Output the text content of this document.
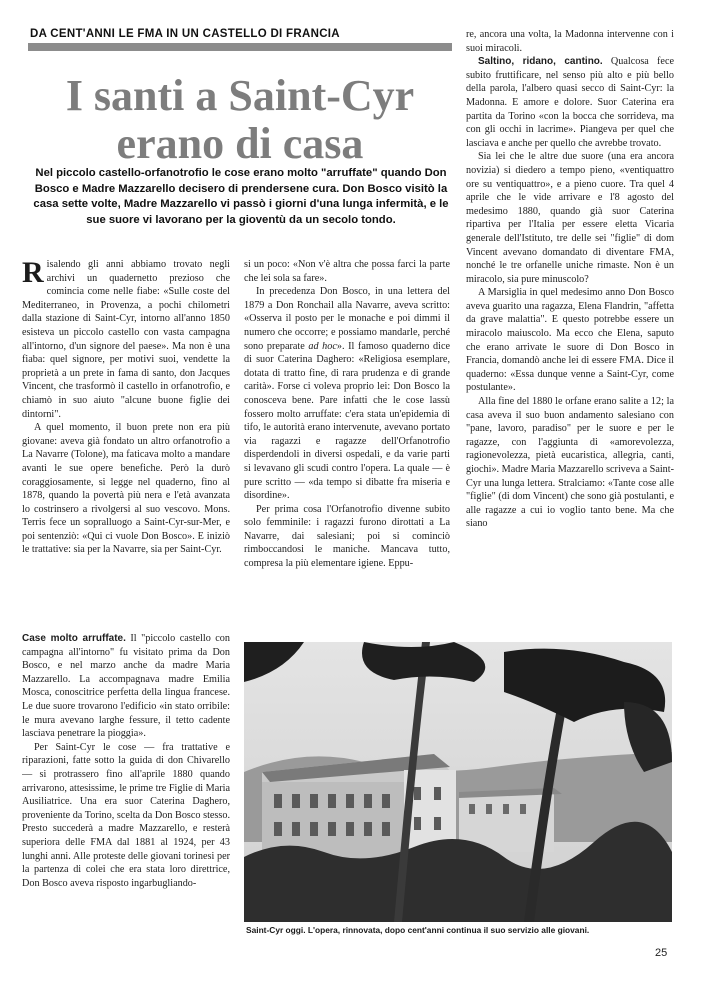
DA CENT'ANNI LE FMA IN UN CASTELLO DI FRANCIA
I santi a Saint-Cyr
erano di casa
Nel piccolo castello-orfanotrofio le cose erano molto "arruffate" quando Don Bosco e Madre Mazzarello decisero di prendersene cura. Don Bosco visitò la casa sette volte, Madre Mazzarello vi passò i giorni d'una lunga infermità, e le sue suore vi lavorano per la gioventù da un secolo tondo.

Risalendo gli anni abbiamo trovato negli archivi un quadernetto prezioso che comincia come nelle fiabe: «Sulle coste del Mediterraneo, in Provenza, a pochi chilometri dalla stazione di Saint-Cyr, intorno all'anno 1850 esisteva un piccolo castello con vasta campagna all'intorno, d'un signore del paese». Ma non è una fiaba: quel signore, per motivi suoi, vendette la proprietà a un prete in fama di santo, don Jacques Vincent, che trasformò il castello in orfanotrofio, e chiamò in suo aiuto "alcune buone figlie dei dintorni".

A quel momento, il buon prete non era più giovane: aveva già fondato un altro orfanotrofio a La Navarre (Tolone), ma faticava molto a mandare avanti le sue opere benefiche. Però la durò coraggiosamente, si legge nel quaderno, fino al 1878, quando la povertà più nera e l'età avanzata lo costrinsero a rivolgersi al suo vescovo. Mons. Terris fece un sopralluogo a Saint-Cyr-sur-Mer, e poi sentenziò: «Qui ci vuole Don Bosco». E iniziò le trattative: sia per la Navarre, sia per Saint-Cyr.

Case molto arruffate. Il "piccolo castello con campagna all'intorno" fu visitato prima da Don Bosco, e nel marzo anche da madre Maria Mazzarello. La accompagnava madre Emilia Mosca, conoscitrice perfetta della lingua francese. Le due suore trovarono l'edificio «in stato orribile: le mura avevano larghe fessure, il tetto cadente lasciava penetrare la pioggia».

Per Saint-Cyr le cose — fra trattative e riparazioni, fatte sotto la guida di don Chivarello — si protrassero fino all'aprile 1880 quando arrivarono, attesissime, le prime tre Figlie di Maria Ausiliatrice. Una era suor Caterina Daghero, proveniente da Torino, scelta da Don Bosco stesso. Presto succederà a madre Mazzarello, e resterà superiora delle FMA dal 1881 al 1924, per 43 lunghi anni. Alle proteste delle giovani torinesi per la partenza di colei che era stata loro direttrice, Don Bosco aveva risposto ingarbugliando-

si un poco: «Non v'è altra che possa farci la parte che lei sola sa fare».

In precedenza Don Bosco, in una lettera del 1879 a Don Ronchail alla Navarre, aveva scritto: «Osserva il posto per le monache e poi dimmi il numero che occorre; e possiamo mandarle, perché sono preparate ad hoc». Il famoso quaderno dice di suor Caterina Daghero: «Religiosa esemplare, dotata di tratto fine, di rara prudenza e di grande carità». Forse ci voleva proprio lei: Don Bosco la conosceva bene. Pare infatti che le cose lassù fossero molto arruffate: c'era stata un'epidemia di tifo, le autorità erano intervenute, avevano portato via ragazzi e ragazze dell'Orfanotrofio disperdendoli in diversi ospedali, e da varie parti si levavano gli scudi contro l'opera. La quale — è pure scritto — «da tempo si dibatte fra miseria e disordine».

Per prima cosa l'Orfanotrofio divenne subito solo femminile: i ragazzi furono dirottati a La Navarre, dai salesiani; poi si cominciò rimboccandosi le maniche. Mancava tutto, compresa la più elementare igiene. Eppu-

re, ancora una volta, la Madonna intervenne con i suoi miracoli.

Saltino, ridano, cantino. Qualcosa fece subito fruttificare, nel senso più alto e più bello della parola, l'albero quasi secco di Saint-Cyr: la Madonna. E amore e dolore. Suor Caterina era partita da Torino «con la bocca che sorrideva, ma con gli occhi in lacrime». Piangeva per quel che lasciava e anche per quello che avrebbe trovato.

Sia lei che le altre due suore (una era ancora novizia) si diedero a tempo pieno, «ventiquattro ore su ventiquattro», e a pieno cuore. Tra quel 4 aprile che le vide arrivare e l'8 agosto del medesimo 1880, quando già suor Caterina ripartiva per l'Italia per essere eletta Vicaria generale dell'Istituto, tre delle sei "figlie" di dom Vincent avevano domandato di diventare FMA, nonché le tre orfanelle uniche rimaste. Non è un miracolo, sia pure minuscolo?

A Marsiglia in quel medesimo anno Don Bosco aveva guarito una ragazza, Elena Flandrin, "affetta da grave malattia". E questo potrebbe essere un miracolo maiuscolo. Ma ecco che Elena, saputo che erano arrivate le suore di Don Bosco in Francia, domandò anche lei di essere FMA. Dice il quaderno: «Essa dunque venne a Saint-Cyr, come postulante».

Alla fine del 1880 le orfane erano salite a 12; la casa aveva il suo buon andamento salesiano con "pane, lavoro, paradiso" per le suore e per le ragazze, con l'aggiunta di «amorevolezza, ragionevolezza, pietà eucaristica, allegria, canti, giochi». Madre Maria Mazzarello scriveva a Saint-Cyr una lunga lettera. Stralciamo: «Tante cose alle "figlie" (di dom Vincent) che sono già postulanti, e alle ragazze a cui io voglio tanto bene. Ma che siano

Saint-Cyr oggi. L'opera, rinnovata, dopo cent'anni continua il suo servizio alle giovani.
25
